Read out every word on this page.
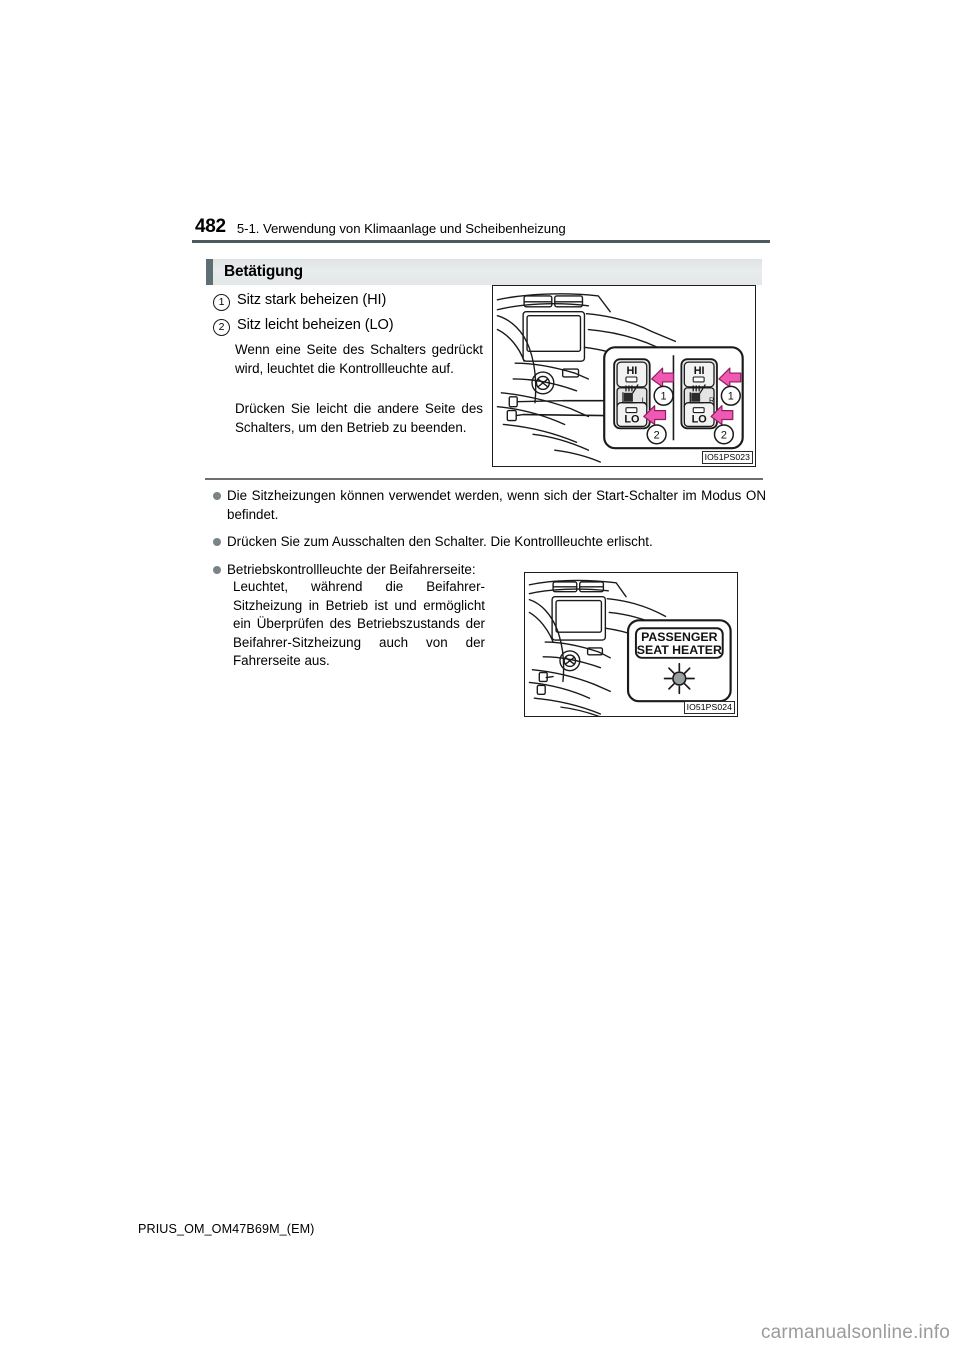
482 5-1. Verwendung von Klimaanlage und Scheibenheizung
Betätigung
1 Sitz stark beheizen (HI)
2 Sitz leicht beheizen (LO)
Wenn eine Seite des Schalters gedrückt wird, leuchtet die Kontrollleuchte auf.
Drücken Sie leicht die andere Seite des Schalters, um den Betrieb zu beenden.
HI
L
LO
1
2
HI
R
LO
1
2
IO51PS023
Die Sitzheizungen können verwendet werden, wenn sich der Start-Schalter im Modus ON befindet.
Drücken Sie zum Ausschalten den Schalter. Die Kontrollleuchte erlischt.
Betriebskontrollleuchte der Beifahrerseite:
Leuchtet, während die Beifahrer-Sitzheizung in Betrieb ist und ermöglicht ein Überprüfen des Betriebszustands der Beifahrer-Sitzheizung auch von der Fahrerseite aus.
PASSENGER
SEAT HEATER
IO51PS024
PRIUS_OM_OM47B69M_(EM)
carmanualsonline.info
